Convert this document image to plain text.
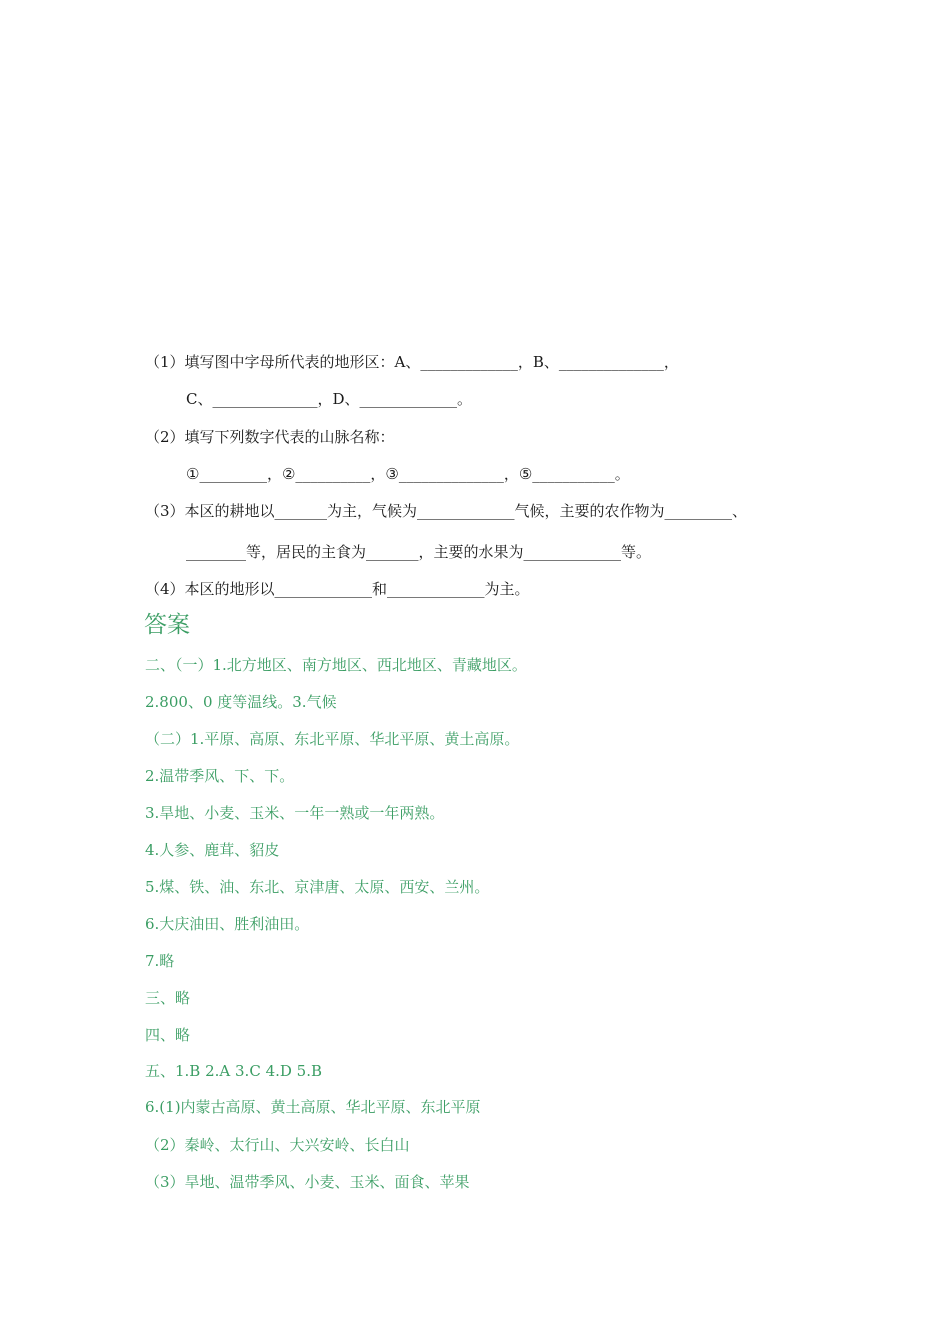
（1）填写图中字母所代表的地形区：A、_____________，B、______________，
C、______________，D、_____________。
（2）填写下列数字代表的山脉名称：
①_________，②__________，③______________，⑤___________。
（3）本区的耕地以_______为主，气候为_____________气候，主要的农作物为_________、
________等，居民的主食为_______，主要的水果为_____________等。
（4）本区的地形以_____________和_____________为主。
答案
二、（一）1.北方地区、南方地区、西北地区、青藏地区。
2.800、0 度等温线。3.气候
（二）1.平原、高原、东北平原、华北平原、黄土高原。
2.温带季风、下、下。
3.旱地、小麦、玉米、一年一熟或一年两熟。
4.人参、鹿茸、貂皮
5.煤、铁、油、东北、京津唐、太原、西安、兰州。
6.大庆油田、胜利油田。
7.略
三、略
四、略
五、1.B 2.A 3.C 4.D 5.B
6.(1)内蒙古高原、黄土高原、华北平原、东北平原
（2）秦岭、太行山、大兴安岭、长白山
（3）旱地、温带季风、小麦、玉米、面食、苹果
